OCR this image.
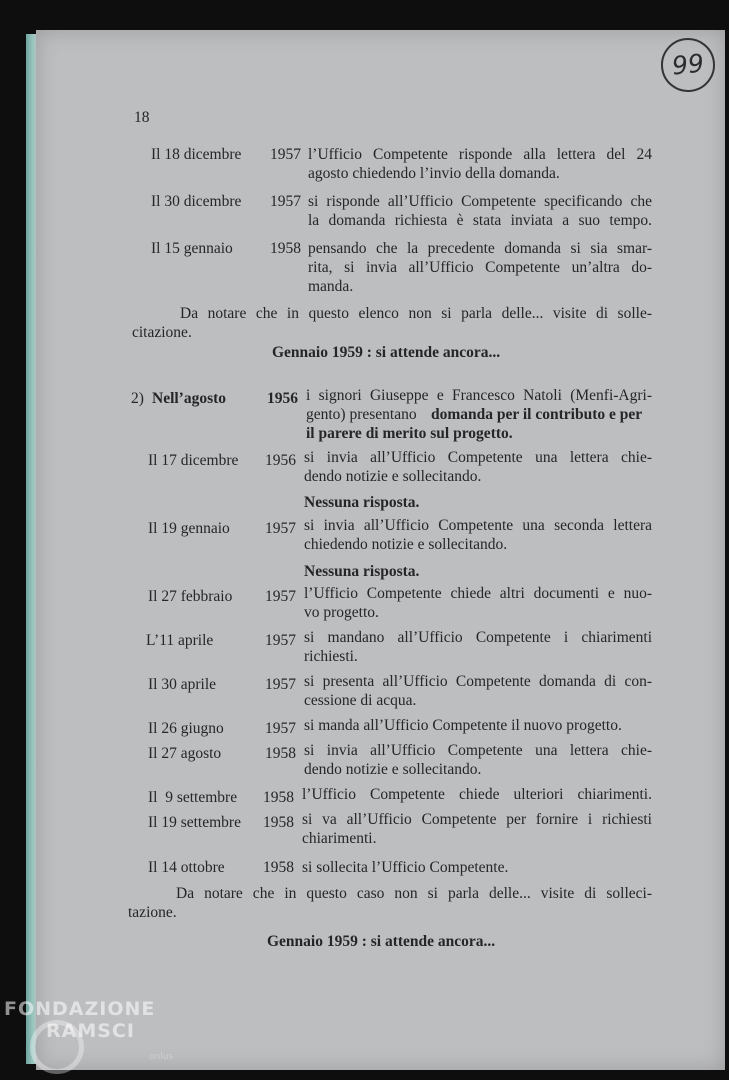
18
99
Il 18 dicembre 1957 l’Ufficio Competente risponde alla lettera del 24
agosto chiedendo l’invio della domanda.
Il 30 dicembre 1957 si risponde all’Ufficio Competente specificando che
la domanda richiesta è stata inviata a suo tempo.
Il 15 gennaio 1958 pensando che la precedente domanda si sia smar-
rita, si invia all’Ufficio Competente un’altra do-
manda.
Da notare che in questo elenco non si parla delle... visite di solle-
citazione.
Gennaio 1959 : si attende ancora...
2) Nell’agosto	1956 i signori Giuseppe e Francesco Natoli (Menfi-Agri-
gento) presentano domanda per il contributo e per
il parere di merito sul progetto.
Il 17 dicembre 1956 si invia all’Ufficio Competente una lettera chie-
dendo notizie e sollecitando.
Nessuna risposta.
Il 19 gennaio 1957 si invia all’Ufficio Competente una seconda lettera
chiedendo notizie e sollecitando.
Nessuna risposta.
Il 27 febbraio 1957 l’Ufficio Competente chiede altri documenti e nuo-
vo progetto.
L’11 aprile	1957 si mandano all’Ufficio Competente i chiarimenti
richiesti.
Il 30 aprile	1957 si presenta all’Ufficio Competente domanda di con-
cessione di acqua.
Il 26 giugno	1957 si manda all’Ufficio Competente il nuovo progetto.
Il 27 agosto	1958 si invia all’Ufficio Competente una lettera chie-
dendo notizie e sollecitando.
Il  9 settembre 1958 l’Ufficio Competente chiede ulteriori chiarimenti.
Il 19 settembre 1958 si va all’Ufficio Competente per fornire i richiesti
chiarimenti.
Il 14 ottobre 1958 si sollecita l’Ufficio Competente.
Da notare che in questo caso non si parla delle... visite di solleci-
tazione.
Gennaio 1959 : si attende ancora...
FONDAZIONE
RAMSCI
onlus
